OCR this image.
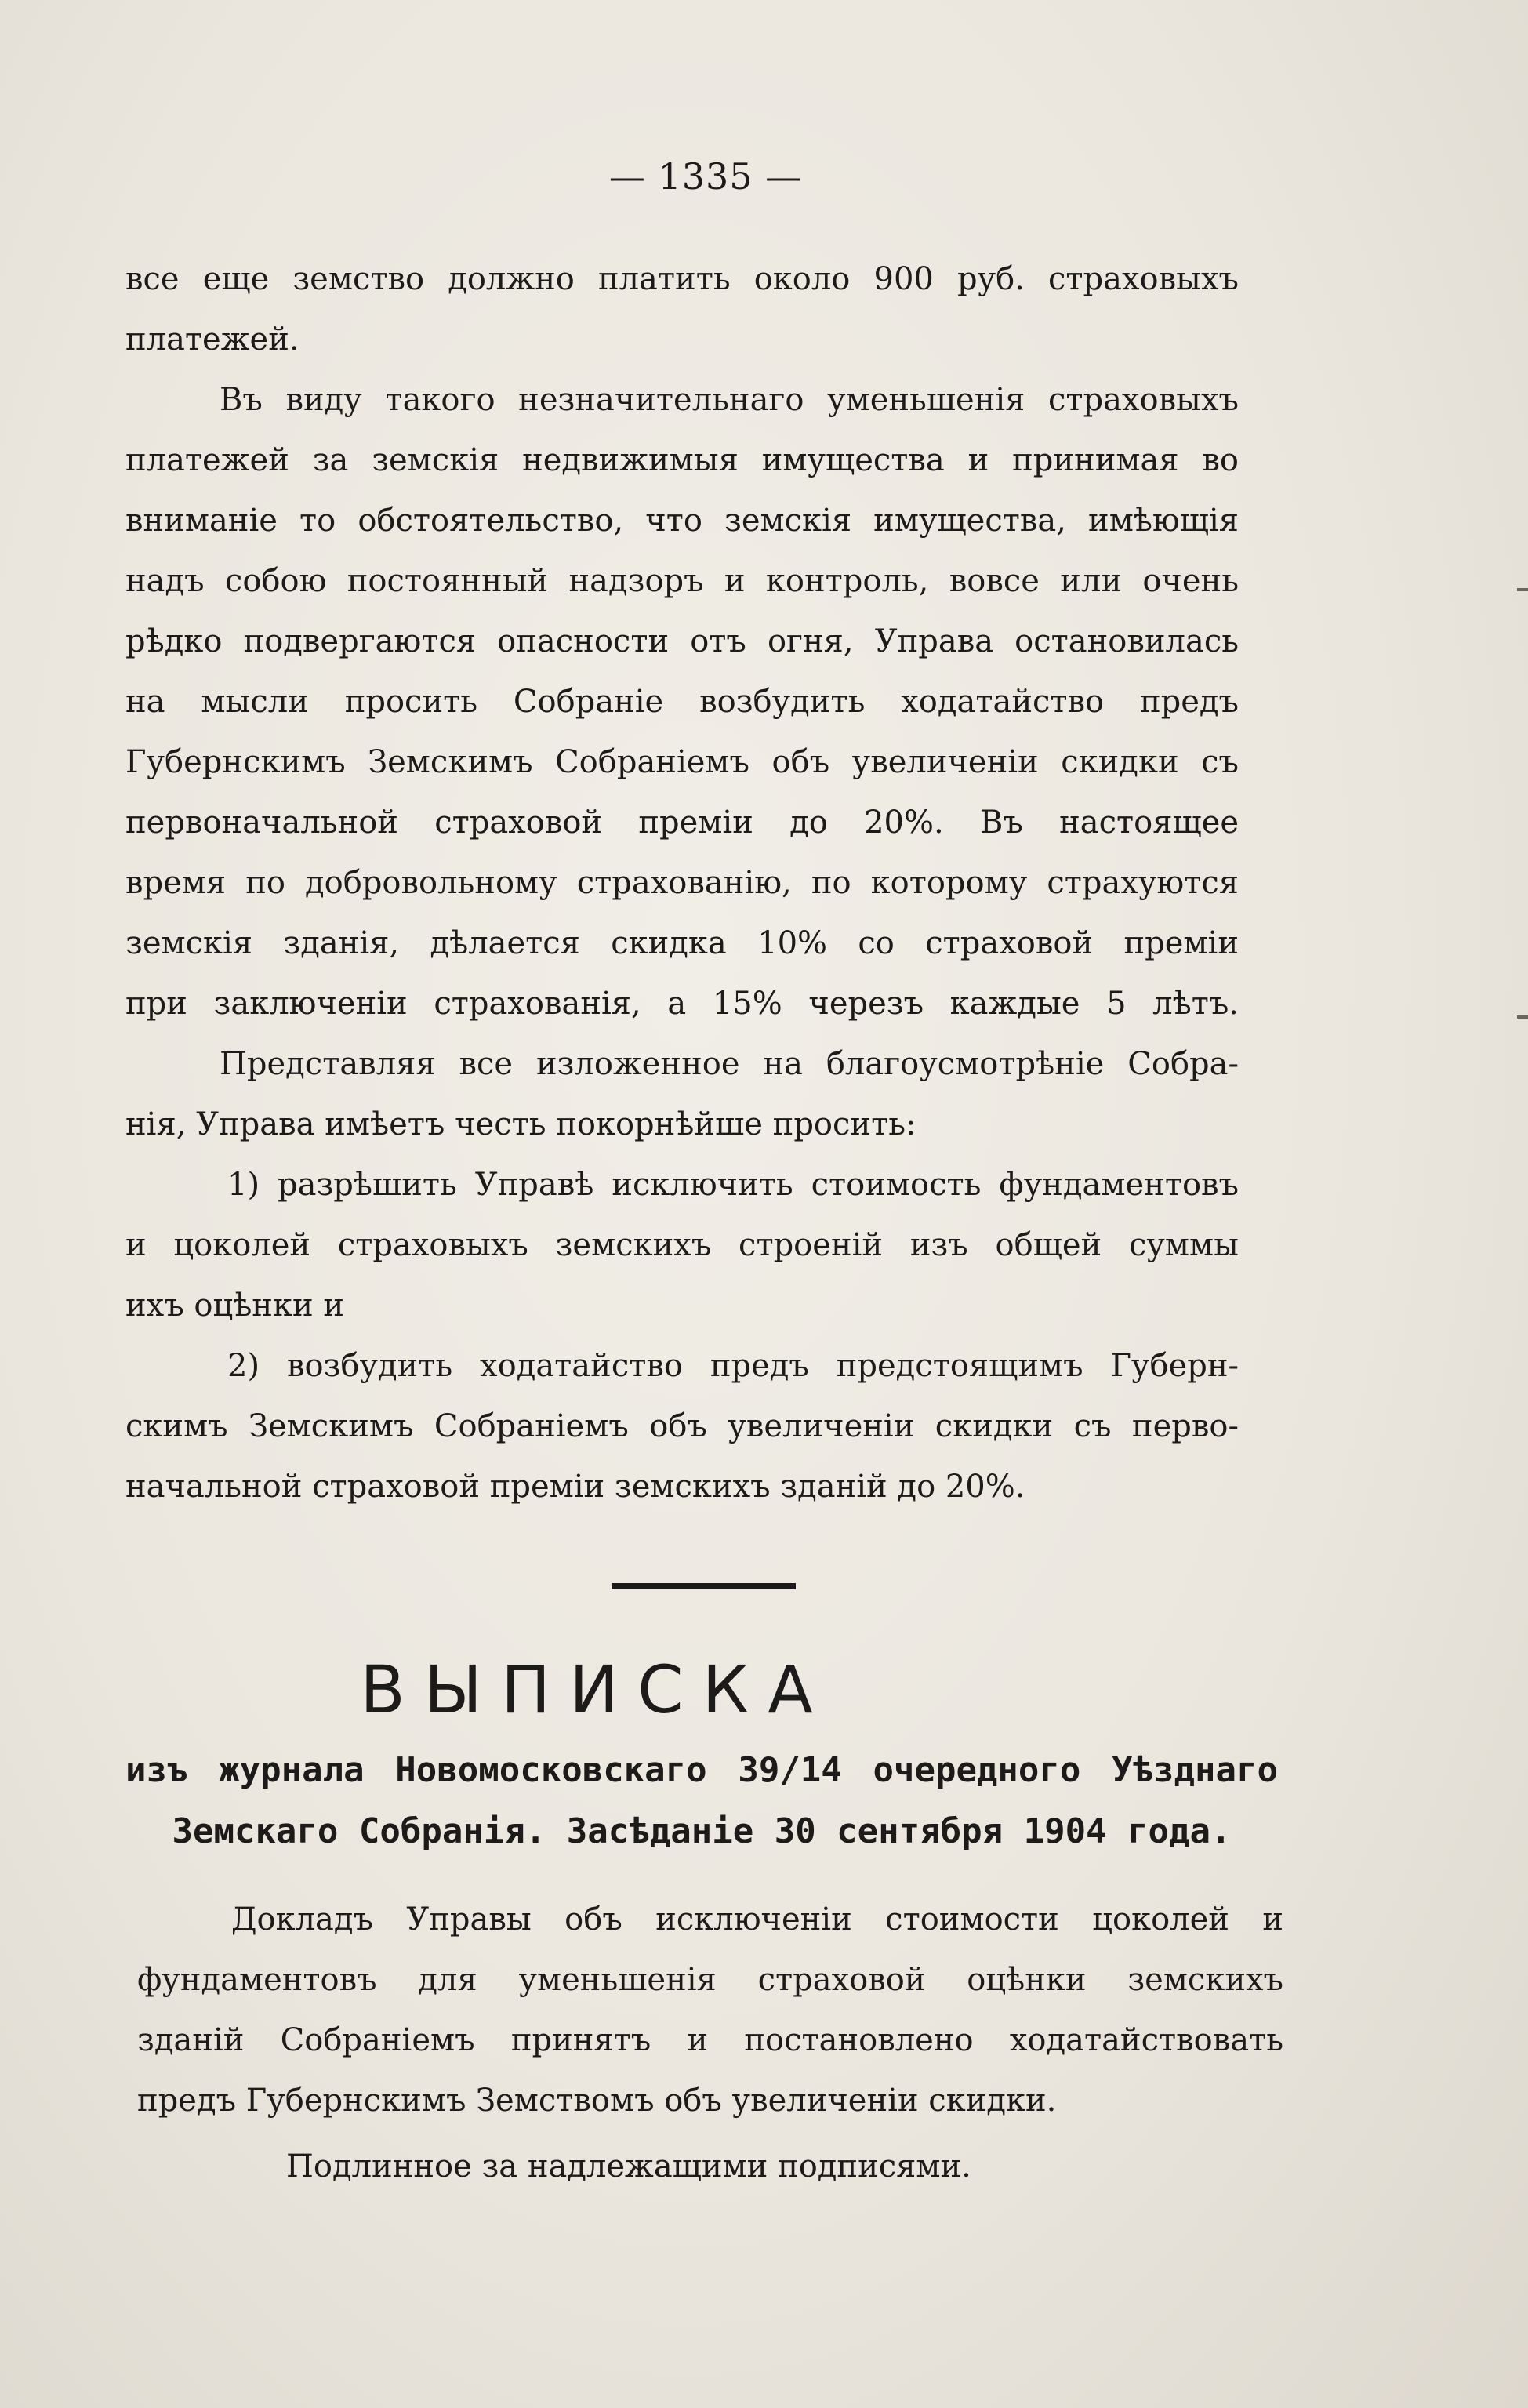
— 1335 —
все еще земство должно платить около 900 руб. страховыхъ
платежей.
Въ виду такого незначительнаго уменьшенія страховыхъ
платежей за земскія недвижимыя имущества и принимая во
вниманіе то обстоятельство, что земскія имущества, имѣющія
надъ собою постоянный надзоръ и контроль, вовсе или очень
рѣдко подвергаются опасности отъ огня, Управа остановилась
на мысли просить Собраніе возбудить ходатайство предъ
Губернскимъ Земскимъ Собраніемъ объ увеличеніи скидки съ
первоначальной страховой преміи до 20%. Въ настоящее
время по добровольному страхованію, по которому страхуются
земскія зданія, дѣлается скидка 10% со страховой преміи
при заключеніи страхованія, а 15% черезъ каждые 5 лѣтъ.
Представляя все изложенное на благоусмотрѣніе Собра-
нія, Управа имѣетъ честь покорнѣйше просить:
1) разрѣшить Управѣ исключить стоимость фундаментовъ
и цоколей страховыхъ земскихъ строеній изъ общей суммы
ихъ оцѣнки и
2) возбудить ходатайство предъ предстоящимъ Губерн-
скимъ Земскимъ Собраніемъ объ увеличеніи скидки съ перво-
начальной страховой преміи земскихъ зданій до 20%.
ВЫПИСКА
изъ журнала Новомосковскаго 39/14 очередного Уѣзднаго
Земскаго Собранія. Засѣданіе 30 сентября 1904 года.
Докладъ Управы объ исключеніи стоимости цоколей и
фундаментовъ для уменьшенія страховой оцѣнки земскихъ
зданій Собраніемъ принятъ и постановлено ходатайствовать
предъ Губернскимъ Земствомъ объ увеличеніи скидки.
Подлинное за надлежащими подписями.
